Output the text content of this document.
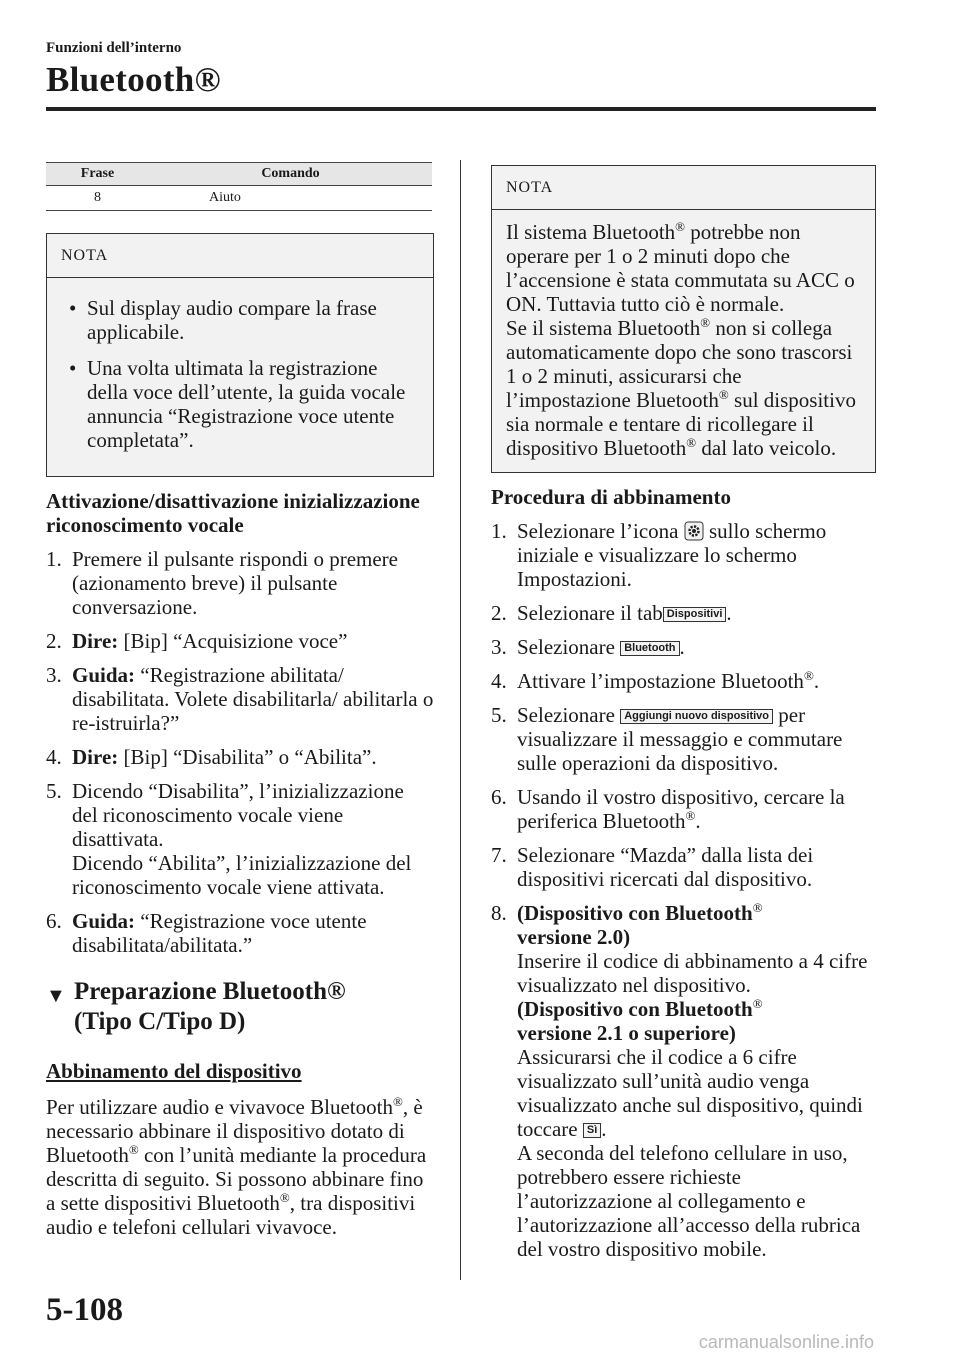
Funzioni dell’interno
Bluetooth®
Frase	Comando
8	Aiuto
NOTA
• Sul display audio compare la frase applicabile.
• Una volta ultimata la registrazione della voce dell’utente, la guida vocale annuncia “Registrazione voce utente completata”.
Attivazione/disattivazione inizializzazione riconoscimento vocale
1. Premere il pulsante rispondi o premere (azionamento breve) il pulsante conversazione.
2. Dire: [Bip] “Acquisizione voce”
3. Guida: “Registrazione abilitata/ disabilitata. Volete disabilitarla/ abilitarla o re-istruirla?”
4. Dire: [Bip] “Disabilita” o “Abilita”.
5. Dicendo “Disabilita”, l’inizializzazione del riconoscimento vocale viene disattivata.

Dicendo “Abilita”, l’inizializzazione del riconoscimento vocale viene attivata.

6. Guida: “Registrazione voce utente disabilitata/abilitata.”
▼ Preparazione Bluetooth®
(Tipo C/Tipo D)
Abbinamento del dispositivo
Per utilizzare audio e vivavoce Bluetooth®, è necessario abbinare il dispositivo dotato di Bluetooth® con l’unità mediante la procedura descritta di seguito. Si possono abbinare fino a sette dispositivi Bluetooth®, tra dispositivi audio e telefoni cellulari vivavoce.
NOTA
Il sistema Bluetooth® potrebbe non operare per 1 o 2 minuti dopo che l’accensione è stata commutata su ACC o ON. Tuttavia tutto ciò è normale.
Se il sistema Bluetooth® non si collega automaticamente dopo che sono trascorsi 1 o 2 minuti, assicurarsi che l’impostazione Bluetooth® sul dispositivo sia normale e tentare di ricollegare il dispositivo Bluetooth® dal lato veicolo.
Procedura di abbinamento
1. Selezionare l’icona  sullo schermo iniziale e visualizzare lo schermo Impostazioni.
2. Selezionare il tab Dispositivi .
3. Selezionare Bluetooth .
4. Attivare l’impostazione Bluetooth®.
5. Selezionare Aggiungi nuovo dispositivo per visualizzare il messaggio e commutare sulle operazioni da dispositivo.
6. Usando il vostro dispositivo, cercare la periferica Bluetooth®.
7. Selezionare “Mazda” dalla lista dei dispositivi ricercati dal dispositivo.
8. (Dispositivo con Bluetooth®

versione 2.0)

Inserire il codice di abbinamento a 4 cifre visualizzato nel dispositivo.

(Dispositivo con Bluetooth®

versione 2.1 o superiore)

Assicurarsi che il codice a 6 cifre visualizzato sull’unità audio venga visualizzato anche sul dispositivo, quindi toccare Sì .

A seconda del telefono cellulare in uso, potrebbero essere richieste l’autorizzazione al collegamento e l’autorizzazione all’accesso della rubrica del vostro dispositivo mobile.

5-108
carmanualsonline.info
